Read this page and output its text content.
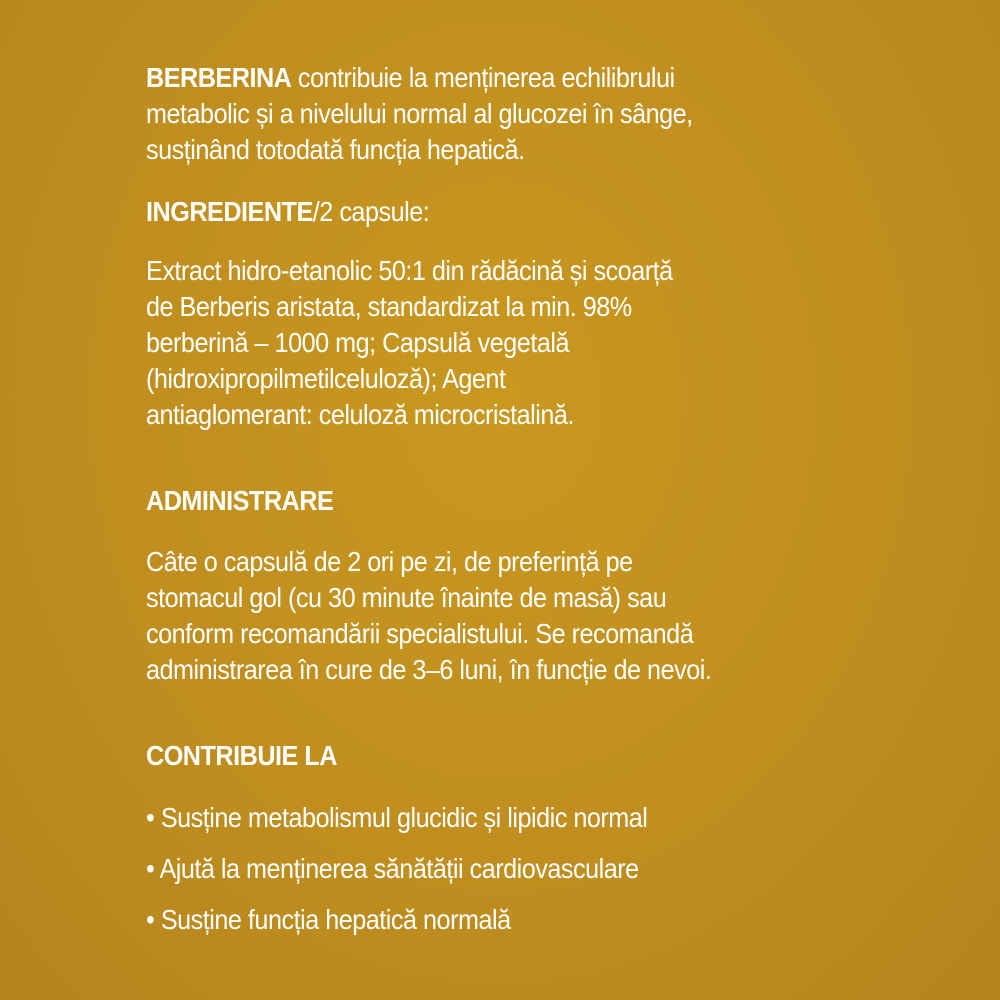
BERBERINA contribuie la menținerea echilibrului
metabolic și a nivelului normal al glucozei în sânge,
susținând totodată funcția hepatică.

INGREDIENTE/2 capsule:

Extract hidro-etanolic 50:1 din rădăcină și scoarță
de Berberis aristata, standardizat la min. 98%
berberină – 1000 mg; Capsulă vegetală
(hidroxipropilmetilceluloză); Agent
antiaglomerant: celuloză microcristalină.

ADMINISTRARE

Câte o capsulă de 2 ori pe zi, de preferință pe
stomacul gol (cu 30 minute înainte de masă) sau
conform recomandării specialistului. Se recomandă
administrarea în cure de 3–6 luni, în funcție de nevoi.

CONTRIBUIE LA

• Susține metabolismul glucidic și lipidic normal
• Ajută la menținerea sănătății cardiovasculare
• Susține funcția hepatică normală
